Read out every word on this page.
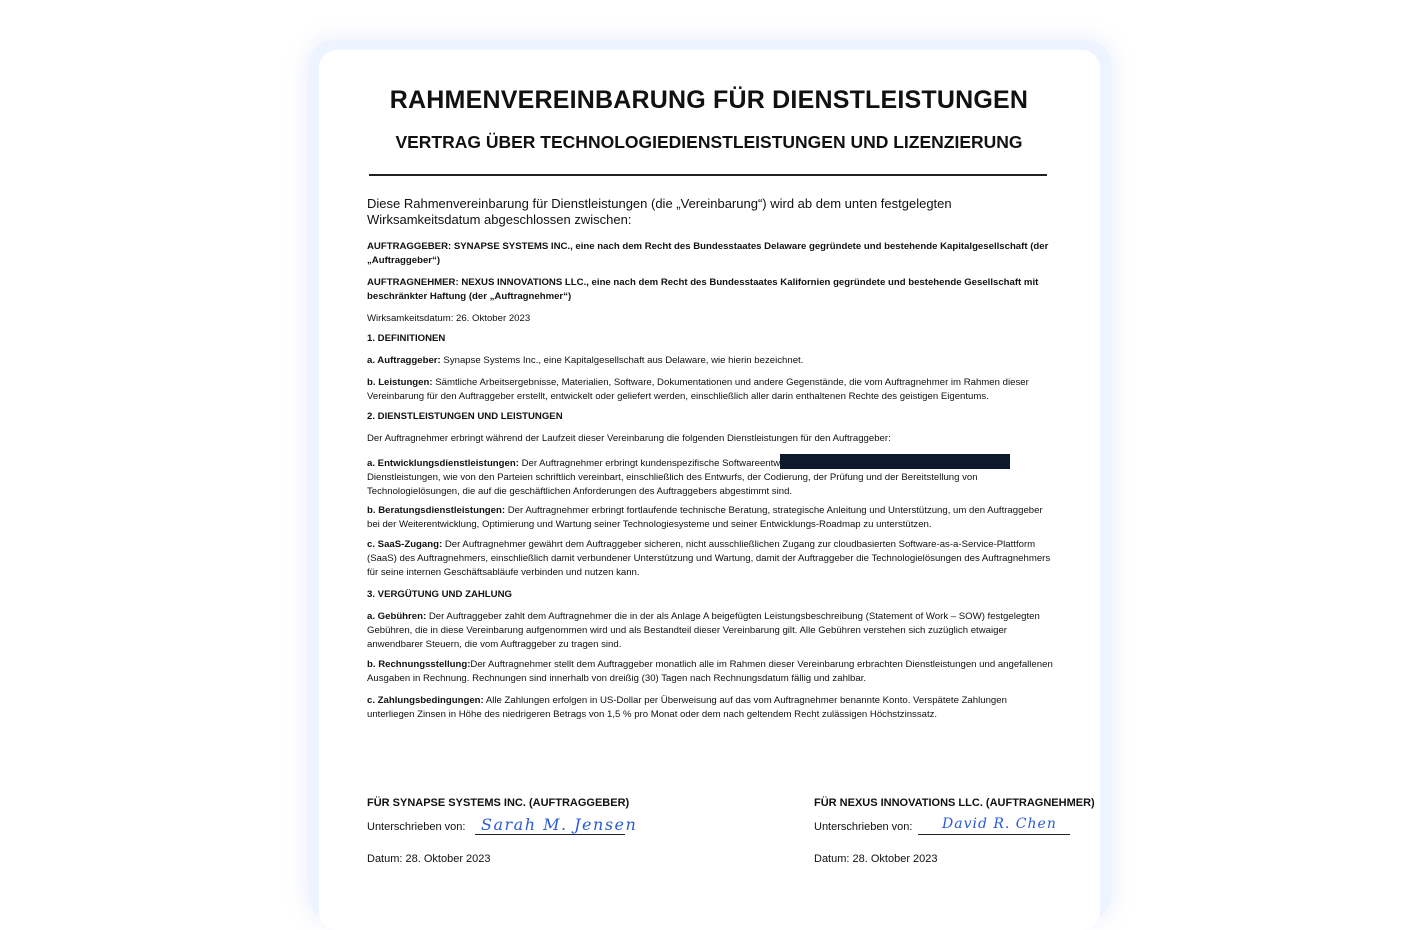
RAHMENVEREINBARUNG FÜR DIENSTLEISTUNGEN
VERTRAG ÜBER TECHNOLOGIEDIENSTLEISTUNGEN UND LIZENZIERUNG
Diese Rahmenvereinbarung für Dienstleistungen (die „Vereinbarung“) wird ab dem unten festgelegten Wirksamkeitsdatum abgeschlossen zwischen:
AUFTRAGGEBER: SYNAPSE SYSTEMS INC., eine nach dem Recht des Bundesstaates Delaware gegründete und bestehende Kapitalgesellschaft (der „Auftraggeber“)
AUFTRAGNEHMER: NEXUS INNOVATIONS LLC., eine nach dem Recht des Bundesstaates Kalifornien gegründete und bestehende Gesellschaft mit beschränkter Haftung (der „Auftragnehmer“)
Wirksamkeitsdatum: 26. Oktober 2023
1. DEFINITIONEN
a. Auftraggeber: Synapse Systems Inc., eine Kapitalgesellschaft aus Delaware, wie hierin bezeichnet.
b. Leistungen: Sämtliche Arbeitsergebnisse, Materialien, Software, Dokumentationen und andere Gegenstände, die vom Auftragnehmer im Rahmen dieser Vereinbarung für den Auftraggeber erstellt, entwickelt oder geliefert werden, einschließlich aller darin enthaltenen Rechte des geistigen Eigentums.
2. DIENSTLEISTUNGEN UND LEISTUNGEN
Der Auftragnehmer erbringt während der Laufzeit dieser Vereinbarung die folgenden Dienstleistungen für den Auftraggeber:
a. Entwicklungsdienstleistungen: Der Auftragnehmer erbringt kundenspezifische Softwareentw Dienstleistungen, wie von den Parteien schriftlich vereinbart, einschließlich des Entwurfs, der Codierung, der Prüfung und der Bereitstellung von Technologielösungen, die auf die geschäftlichen Anforderungen des Auftraggebers abgestimmt sind.
b. Beratungsdienstleistungen: Der Auftragnehmer erbringt fortlaufende technische Beratung, strategische Anleitung und Unterstützung, um den Auftraggeber bei der Weiterentwicklung, Optimierung und Wartung seiner Technologiesysteme und seiner Entwicklungs-Roadmap zu unterstützen.
c. SaaS-Zugang: Der Auftragnehmer gewährt dem Auftraggeber sicheren, nicht ausschließlichen Zugang zur cloudbasierten Software-as-a-Service-Plattform (SaaS) des Auftragnehmers, einschließlich damit verbundener Unterstützung und Wartung, damit der Auftraggeber die Technologielösungen des Auftragnehmers für seine internen Geschäftsabläufe verbinden und nutzen kann.
3. VERGÜTUNG UND ZAHLUNG
a. Gebühren: Der Auftraggeber zahlt dem Auftragnehmer die in der als Anlage A beigefügten Leistungsbeschreibung (Statement of Work – SOW) festgelegten Gebühren, die in diese Vereinbarung aufgenommen wird und als Bestandteil dieser Vereinbarung gilt. Alle Gebühren verstehen sich zuzüglich etwaiger anwendbarer Steuern, die vom Auftraggeber zu tragen sind.
b. Rechnungsstellung:Der Auftragnehmer stellt dem Auftraggeber monatlich alle im Rahmen dieser Vereinbarung erbrachten Dienstleistungen und angefallenen Ausgaben in Rechnung. Rechnungen sind innerhalb von dreißig (30) Tagen nach Rechnungsdatum fällig und zahlbar.
c. Zahlungsbedingungen: Alle Zahlungen erfolgen in US-Dollar per Überweisung auf das vom Auftragnehmer benannte Konto. Verspätete Zahlungen unterliegen Zinsen in Höhe des niedrigeren Betrags von 1,5 % pro Monat oder dem nach geltendem Recht zulässigen Höchstzinssatz.
FÜR SYNAPSE SYSTEMS INC. (AUFTRAGGEBER)
Unterschrieben von: Sarah M. Jensen
Datum: 28. Oktober 2023
FÜR NEXUS INNOVATIONS LLC. (AUFTRAGNEHMER)
Unterschrieben von: David R. Chen
Datum: 28. Oktober 2023
